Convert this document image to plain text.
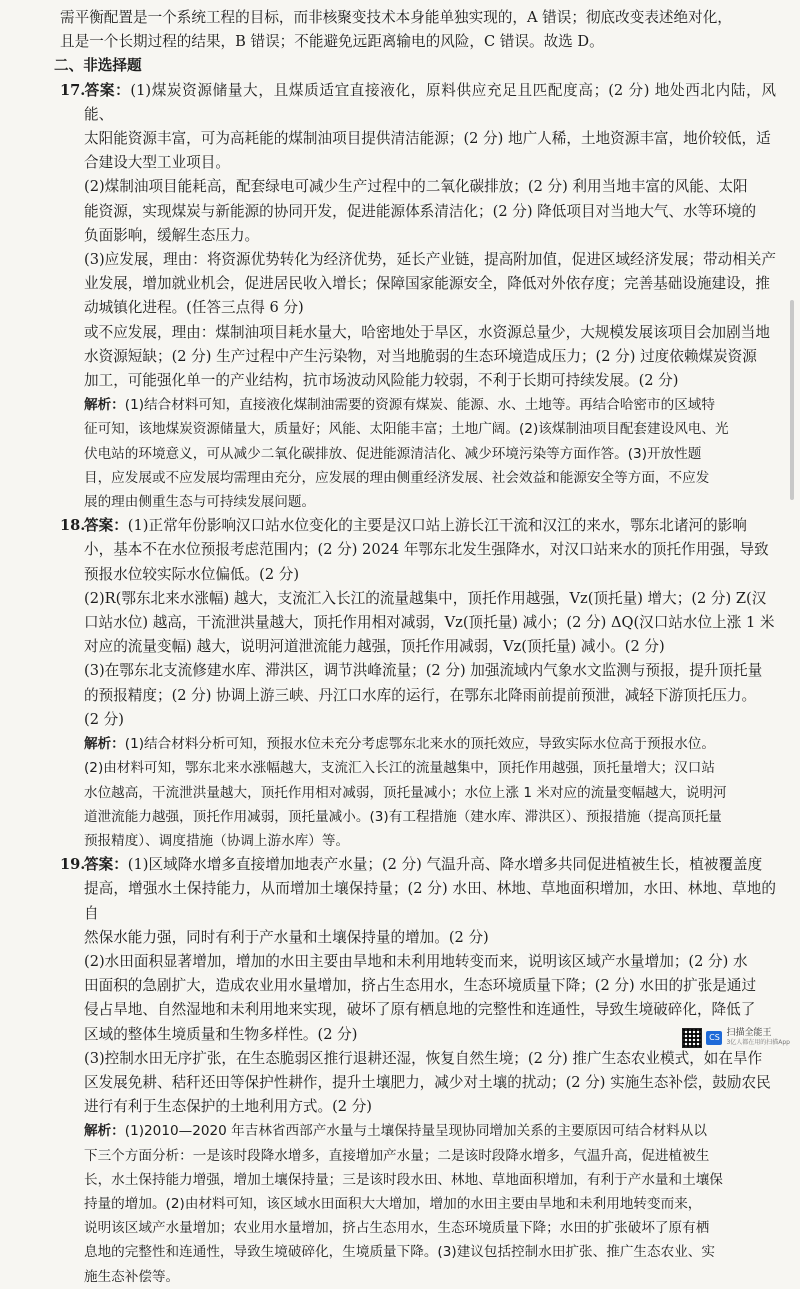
需平衡配置是一个系统工程的目标，而非核聚变技术本身能单独实现的，A 错误；彻底改变表述绝对化，

且是一个长期过程的结果，B 错误；不能避免远距离输电的风险，C 错误。故选 D。

二、非选择题

17.答案：(1)煤炭资源储量大，且煤质适宜直接液化，原料供应充足且匹配度高；(2 分) 地处西北内陆，风能、

太阳能资源丰富，可为高耗能的煤制油项目提供清洁能源；(2 分) 地广人稀，土地资源丰富，地价较低，适

合建设大型工业项目。

(2)煤制油项目能耗高，配套绿电可减少生产过程中的二氧化碳排放；(2 分) 利用当地丰富的风能、太阳

能资源，实现煤炭与新能源的协同开发，促进能源体系清洁化；(2 分) 降低项目对当地大气、水等环境的

负面影响，缓解生态压力。

(3)应发展，理由：将资源优势转化为经济优势，延长产业链，提高附加值，促进区域经济发展；带动相关产

业发展，增加就业机会，促进居民收入增长；保障国家能源安全，降低对外依存度；完善基础设施建设，推

动城镇化进程。(任答三点得 6 分)

或不应发展，理由：煤制油项目耗水量大，哈密地处于旱区，水资源总量少，大规模发展该项目会加剧当地

水资源短缺；(2 分) 生产过程中产生污染物，对当地脆弱的生态环境造成压力；(2 分) 过度依赖煤炭资源

加工，可能强化单一的产业结构，抗市场波动风险能力较弱，不利于长期可持续发展。(2 分)

解析：(1)结合材料可知，直接液化煤制油需要的资源有煤炭、能源、水、土地等。再结合哈密市的区域特

征可知，该地煤炭资源储量大，质量好；风能、太阳能丰富；土地广阔。(2)该煤制油项目配套建设风电、光

伏电站的环境意义，可从减少二氧化碳排放、促进能源清洁化、减少环境污染等方面作答。(3)开放性题

目，应发展或不应发展均需理由充分，应发展的理由侧重经济发展、社会效益和能源安全等方面，不应发

展的理由侧重生态与可持续发展问题。

18.答案：(1)正常年份影响汉口站水位变化的主要是汉口站上游长江干流和汉江的来水，鄂东北诸河的影响

小，基本不在水位预报考虑范围内；(2 分) 2024 年鄂东北发生强降水，对汉口站来水的顶托作用强，导致

预报水位较实际水位偏低。(2 分)

(2)R(鄂东北来水涨幅) 越大，支流汇入长江的流量越集中，顶托作用越强，Vz(顶托量) 增大；(2 分) Z(汉

口站水位) 越高，干流泄洪量越大，顶托作用相对减弱，Vz(顶托量) 减小；(2 分) ΔQ(汉口站水位上涨 1 米

对应的流量变幅) 越大，说明河道泄流能力越强，顶托作用减弱，Vz(顶托量) 减小。(2 分)

(3)在鄂东北支流修建水库、滞洪区，调节洪峰流量；(2 分) 加强流域内气象水文监测与预报，提升顶托量

的预报精度；(2 分) 协调上游三峡、丹江口水库的运行，在鄂东北降雨前提前预泄，减轻下游顶托压力。

(2 分)

解析：(1)结合材料分析可知，预报水位未充分考虑鄂东北来水的顶托效应，导致实际水位高于预报水位。

(2)由材料可知，鄂东北来水涨幅越大，支流汇入长江的流量越集中，顶托作用越强，顶托量增大；汉口站

水位越高，干流泄洪量越大，顶托作用相对减弱，顶托量减小；水位上涨 1 米对应的流量变幅越大，说明河

道泄流能力越强，顶托作用减弱，顶托量减小。(3)有工程措施（建水库、滞洪区）、预报措施（提高顶托量

预报精度）、调度措施（协调上游水库）等。

19.答案：(1)区域降水增多直接增加地表产水量；(2 分) 气温升高、降水增多共同促进植被生长，植被覆盖度

提高，增强水土保持能力，从而增加土壤保持量；(2 分) 水田、林地、草地面积增加，水田、林地、草地的自

然保水能力强，同时有利于产水量和土壤保持量的增加。(2 分)

(2)水田面积显著增加，增加的水田主要由旱地和未利用地转变而来，说明该区域产水量增加；(2 分) 水

田面积的急剧扩大，造成农业用水量增加，挤占生态用水，生态环境质量下降；(2 分) 水田的扩张是通过

侵占旱地、自然湿地和未利用地来实现，破坏了原有栖息地的完整性和连通性，导致生境破碎化，降低了

区域的整体生境质量和生物多样性。(2 分)

(3)控制水田无序扩张，在生态脆弱区推行退耕还湿，恢复自然生境；(2 分) 推广生态农业模式，如在旱作

区发展免耕、秸秆还田等保护性耕作，提升土壤肥力，减少对土壤的扰动；(2 分) 实施生态补偿，鼓励农民

进行有利于生态保护的土地利用方式。(2 分)

解析：(1)2010—2020 年吉林省西部产水量与土壤保持量呈现协同增加关系的主要原因可结合材料从以

下三个方面分析：一是该时段降水增多，直接增加产水量；二是该时段降水增多，气温升高，促进植被生

长，水土保持能力增强，增加土壤保持量；三是该时段水田、林地、草地面积增加，有利于产水量和土壤保

持量的增加。(2)由材料可知，该区域水田面积大大增加，增加的水田主要由旱地和未利用地转变而来，

说明该区域产水量增加；农业用水量增加，挤占生态用水，生态环境质量下降；水田的扩张破坏了原有栖

息地的完整性和连通性，导致生境破碎化，生境质量下降。(3)建议包括控制水田扩张、推广生态农业、实

施生态补偿等。

CS 扫描全能王
3亿人都在用的扫描App
